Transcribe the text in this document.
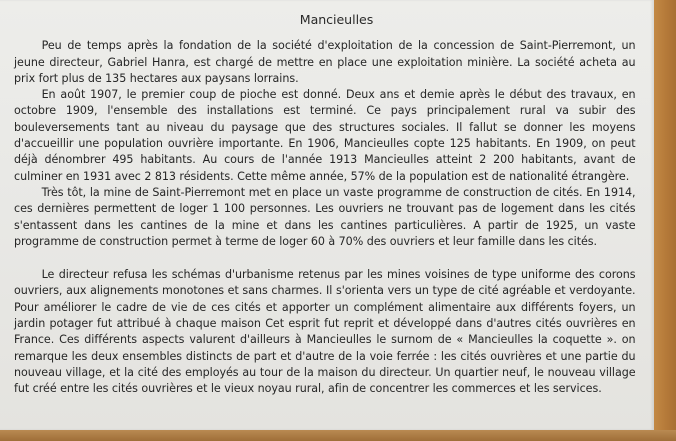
Mancieulles

Peu de temps après la fondation de la société d'exploitation de la concession de Saint-Pierremont, un jeune directeur, Gabriel Hanra, est chargé de mettre en place une exploitation minière. La société acheta au prix fort plus de 135 hectares aux paysans lorrains.

En août 1907, le premier coup de pioche est donné. Deux ans et demie après le début des travaux, en octobre 1909, l'ensemble des installations est terminé. Ce pays principalement rural va subir des bouleversements tant au niveau du paysage que des structures sociales. Il fallut se donner les moyens d'accueillir une population ouvrière importante. En 1906, Mancieulles copte 125 habitants. En 1909, on peut déjà dénombrer 495 habitants. Au cours de l'année 1913 Mancieulles atteint 2 200 habitants, avant de culminer en 1931 avec 2 813 résidents. Cette même année, 57% de la population est de nationalité étrangère.

Très tôt, la mine de Saint-Pierremont met en place un vaste programme de construction de cités. En 1914, ces dernières permettent de loger 1 100 personnes. Les ouvriers ne trouvant pas de logement dans les cités s'entassent dans les cantines de la mine et dans les cantines particulières. A partir de 1925, un vaste programme de construction permet à terme de loger 60 à 70% des ouvriers et leur famille dans les cités.

Le directeur refusa les schémas d'urbanisme retenus par les mines voisines de type uniforme des corons ouvriers, aux alignements monotones et sans charmes. Il s'orienta vers un type de cité agréable et verdoyante. Pour améliorer le cadre de vie de ces cités et apporter un complément alimentaire aux différents foyers, un jardin potager fut attribué à chaque maison Cet esprit fut reprit et développé dans d'autres cités ouvrières en France. Ces différents aspects valurent d'ailleurs à Mancieulles le surnom de « Mancieulles la coquette ». on remarque les deux ensembles distincts de part et d'autre de la voie ferrée : les cités ouvrières et une partie du nouveau village, et la cité des employés au tour de la maison du directeur. Un quartier neuf, le nouveau village fut créé entre les cités ouvrières et le vieux noyau rural, afin de concentrer les commerces et les services.
